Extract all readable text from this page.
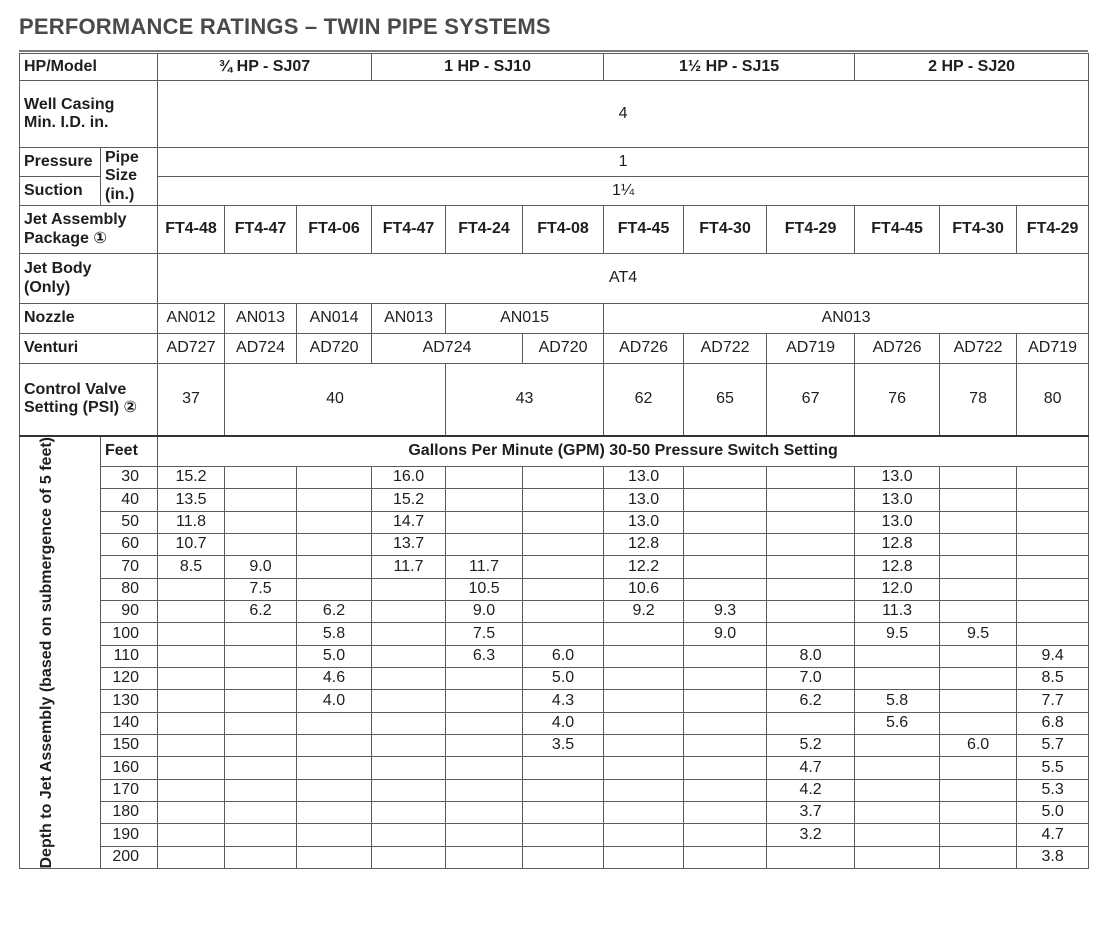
PERFORMANCE RATINGS – TWIN PIPE SYSTEMS
HP/Model		¾ HP - SJ07			1 HP - SJ10			1½ HP - SJ15			2 HP - SJ20		

Well Casing Min. I.D. in.		4											
Pressure	Pipe Size (in.)	1											
Suction		1¼											

Jet Assembly Package ①		FT4-48	FT4-47	FT4-06	FT4-47	FT4-24	FT4-08	FT4-45	FT4-30	FT4-29	FT4-45	FT4-30	FT4-29

Jet Body (Only)		AT4											
Nozzle		AN012	AN013	AN014	AN013	AN015		AN013					
Venturi		AD727	AD724	AD720	AD724		AD720	AD726	AD722	AD719	AD726	AD722	AD719

Control Valve Setting (PSI) ②		37	40			43		62	65	67	76	78	80

Depth to Jet Assembly (based on submergence of 5 feet)	Feet	Gallons Per Minute (GPM) 30-50 Pressure Switch Setting											
	30	15.2			16.0			13.0			13.0		
	40	13.5			15.2			13.0			13.0		
	50	11.8			14.7			13.0			13.0		
	60	10.7			13.7			12.8			12.8		
	70	8.5	9.0		11.7	11.7		12.2			12.8		
	80		7.5			10.5		10.6			12.0		
	90		6.2	6.2		9.0		9.2	9.3		11.3		
	100			5.8		7.5			9.0		9.5	9.5	
	110			5.0		6.3	6.0			8.0			9.4
	120			4.6			5.0			7.0			8.5
	130			4.0			4.3			6.2	5.8		7.7
	140						4.0				5.6		6.8
	150						3.5			5.2		6.0	5.7
	160									4.7			5.5
	170									4.2			5.3
	180									3.7			5.0
	190									3.2			4.7
	200												3.8
